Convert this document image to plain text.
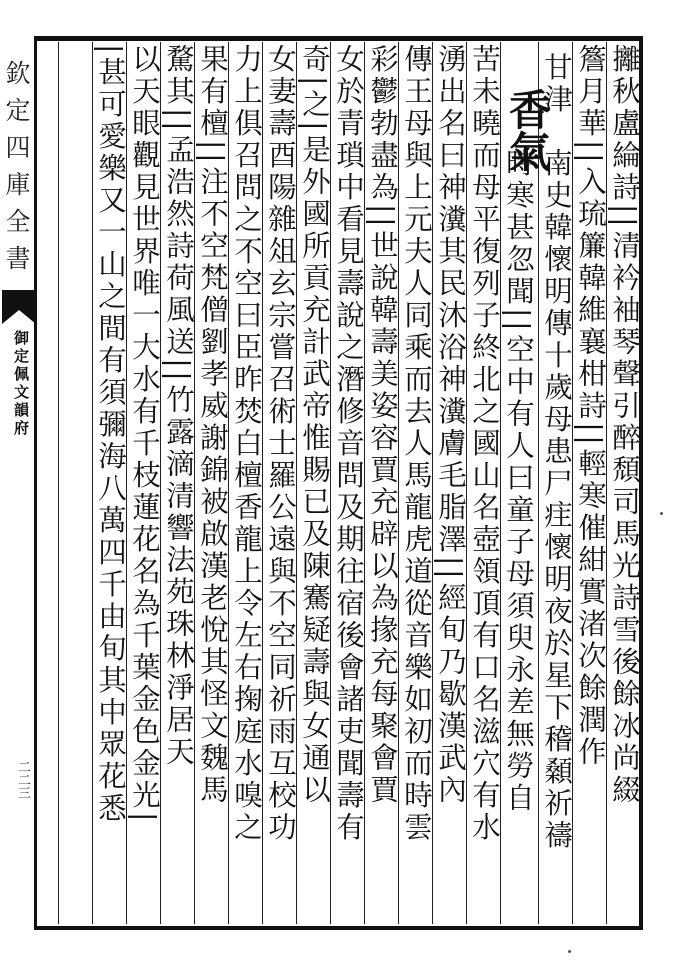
欽定四庫全書
御定佩文韻府
二二三	攡秋盧綸詩||清衿袖琴聲引醉頹司馬光詩雪後餘冰尚綴
簷月華||入琉簾韓維襄柑詩||輕寒催紺實渚次餘潤作
甘津
香氣
南史韓懷明傳十歲母患尸疰懷明夜於星下稽顙祈禱
時寒甚忽聞||空中有人曰童子母須臾永差無勞自
苦未曉而母平復列子終北之國山名壺領頂有口名滋穴有水
湧出名曰神瀵其民沐浴神瀵膚毛脂澤||經旬乃歇漢武內
傳王母與上元夫人同乘而去人馬龍虎道從音樂如初而時雲
彩鬱勃盡為||世說韓壽美姿容賈充辟以為掾充每聚會賈
女於青瑣中看見壽說之潛修音問及期往宿後會諸吏聞壽有
奇|之|是外國所貢充計武帝惟賜已及陳騫疑壽與女通以
女妻壽酉陽雜俎玄宗嘗召術士羅公遠與不空同祈雨互校功
力上俱召問之不空曰臣昨焚白檀香龍上令左右掬庭水嗅之
果有檀||注不空梵僧劉孝威謝錦被啟漢老悅其怪文魏馬
騖其||孟浩然詩荷風送||竹露滴清響法苑珠林淨居天
以天眼觀見世界唯一大水有千枝蓮花名為千葉金色金光|
|甚可愛樂又一山之間有須彌海八萬四千由旬其中眾花悉
